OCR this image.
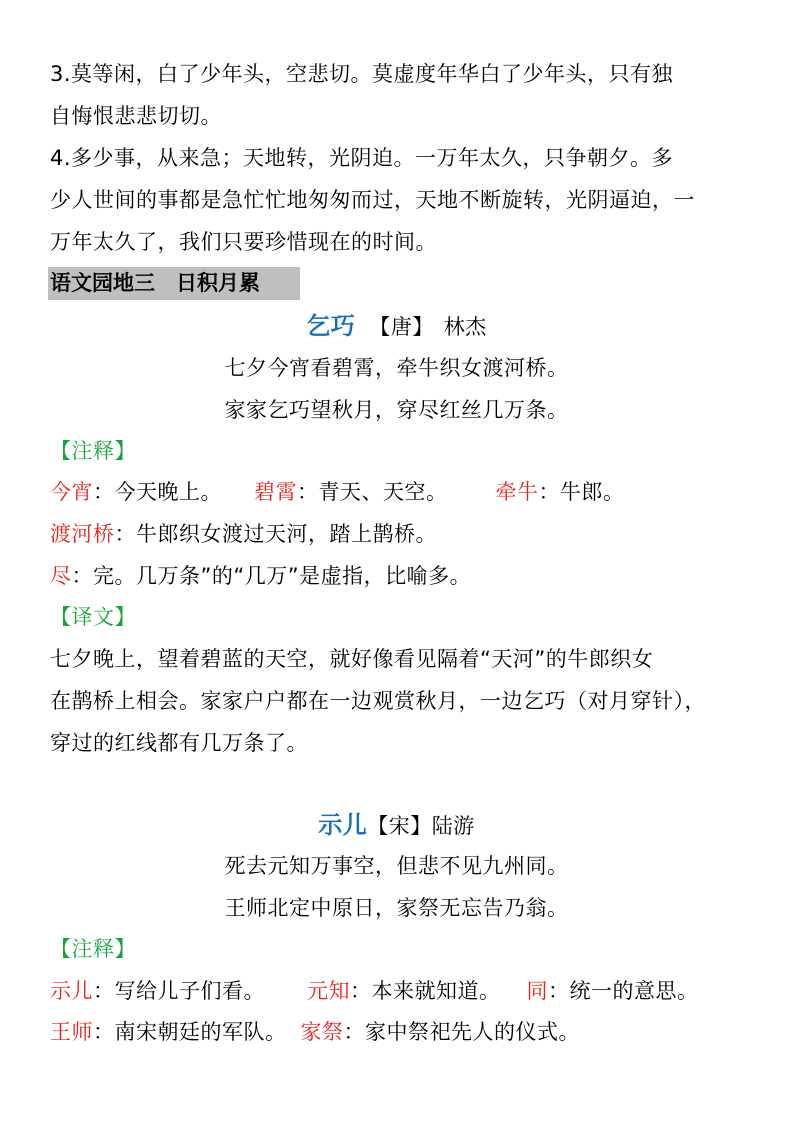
3.莫等闲，白了少年头，空悲切。莫虚度年华白了少年头，只有独
自悔恨悲悲切切。
4.多少事，从来急；天地转，光阴迫。一万年太久，只争朝夕。多
少人世间的事都是急忙忙地匆匆而过，天地不断旋转，光阴逼迫，一
万年太久了，我们只要珍惜现在的时间。
语文园地三　日积月累
乞巧 【唐】 林杰
七夕今宵看碧霄，牵牛织女渡河桥。
家家乞巧望秋月，穿尽红丝几万条。
【注释】
今宵：今天晚上。 碧霄：青天、天空。 牵牛：牛郎。
渡河桥：牛郎织女渡过天河，踏上鹊桥。
尽：完。几万条”的“几万”是虚指，比喻多。
【译文】
七夕晚上，望着碧蓝的天空，就好像看见隔着“天河”的牛郎织女
在鹊桥上相会。家家户户都在一边观赏秋月，一边乞巧（对月穿针），
穿过的红线都有几万条了。
示儿【宋】陆游
死去元知万事空，但悲不见九州同。
王师北定中原日，家祭无忘告乃翁。
【注释】
示儿：写给儿子们看。 元知：本来就知道。 同：统一的意思。
王师：南宋朝廷的军队。 家祭：家中祭祀先人的仪式。
